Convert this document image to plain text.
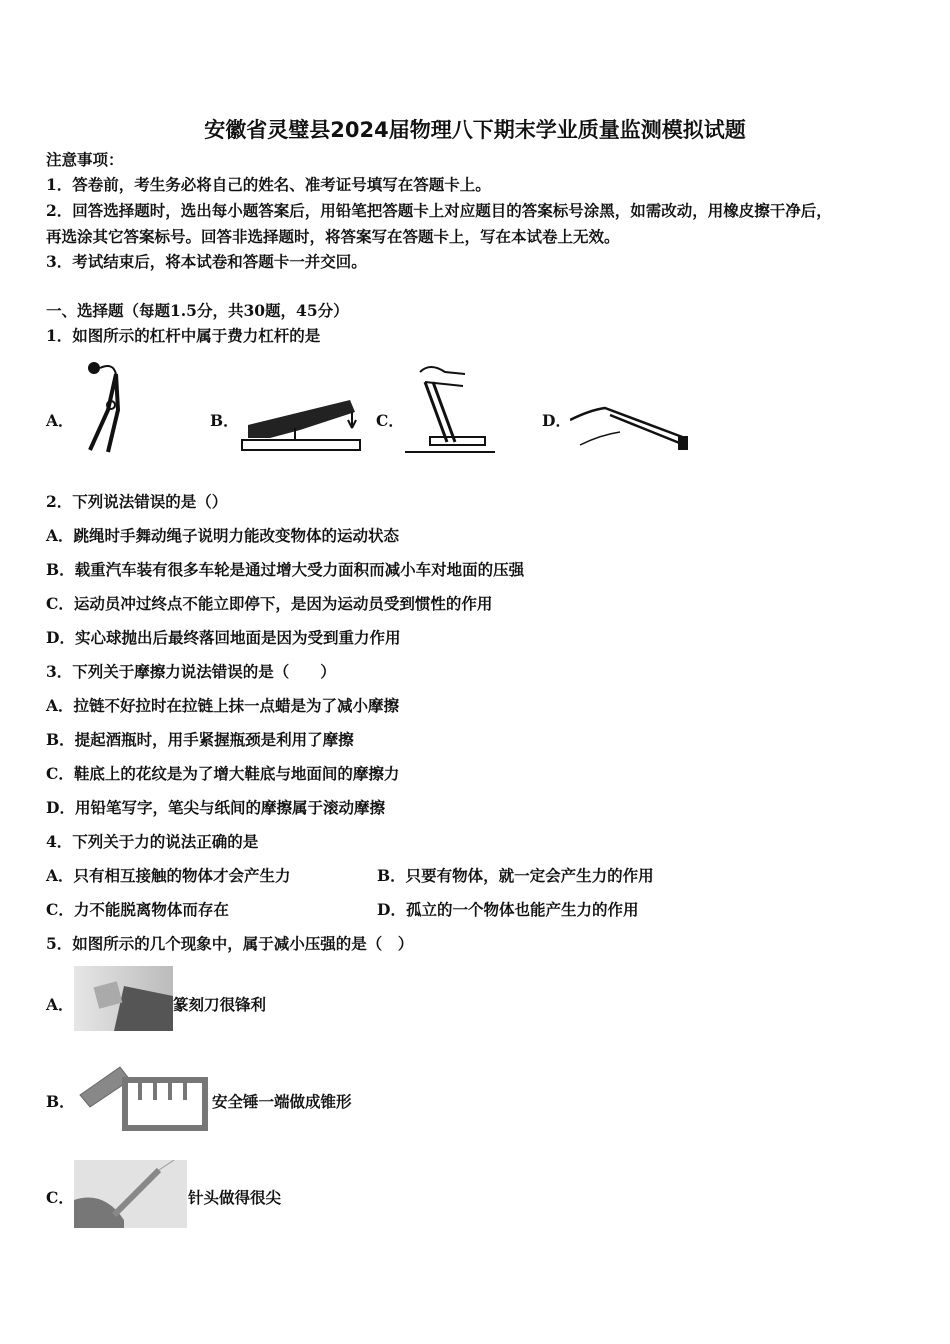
安徽省灵璧县2024届物理八下期末学业质量监测模拟试题
注意事项：
1．答卷前，考生务必将自己的姓名、准考证号填写在答题卡上。
2．回答选择题时，选出每小题答案后，用铅笔把答题卡上对应题目的答案标号涂黑，如需改动，用橡皮擦干净后，
再选涂其它答案标号。回答非选择题时，将答案写在答题卡上，写在本试卷上无效。
3．考试结束后，将本试卷和答题卡一并交回。
一、选择题（每题1.5分，共30题，45分）
1．如图所示的杠杆中属于费力杠杆的是
A．	B．	C．	D．
2．下列说法错误的是（）
A．跳绳时手舞动绳子说明力能改变物体的运动状态
B．载重汽车装有很多车轮是通过增大受力面积而减小车对地面的压强
C．运动员冲过终点不能立即停下，是因为运动员受到惯性的作用
D．实心球抛出后最终落回地面是因为受到重力作用
3．下列关于摩擦力说法错误的是（　　）
A．拉链不好拉时在拉链上抹一点蜡是为了减小摩擦
B．提起酒瓶时，用手紧握瓶颈是利用了摩擦
C．鞋底上的花纹是为了增大鞋底与地面间的摩擦力
D．用铅笔写字，笔尖与纸间的摩擦属于滚动摩擦
4．下列关于力的说法正确的是
A．只有相互接触的物体才会产生力	B．只要有物体，就一定会产生力的作用
C．力不能脱离物体而存在	D．孤立的一个物体也能产生力的作用
5．如图所示的几个现象中，属于减小压强的是（　）
A．	篆刻刀很锋利
B．	安全锤一端做成锥形
C．	针头做得很尖
